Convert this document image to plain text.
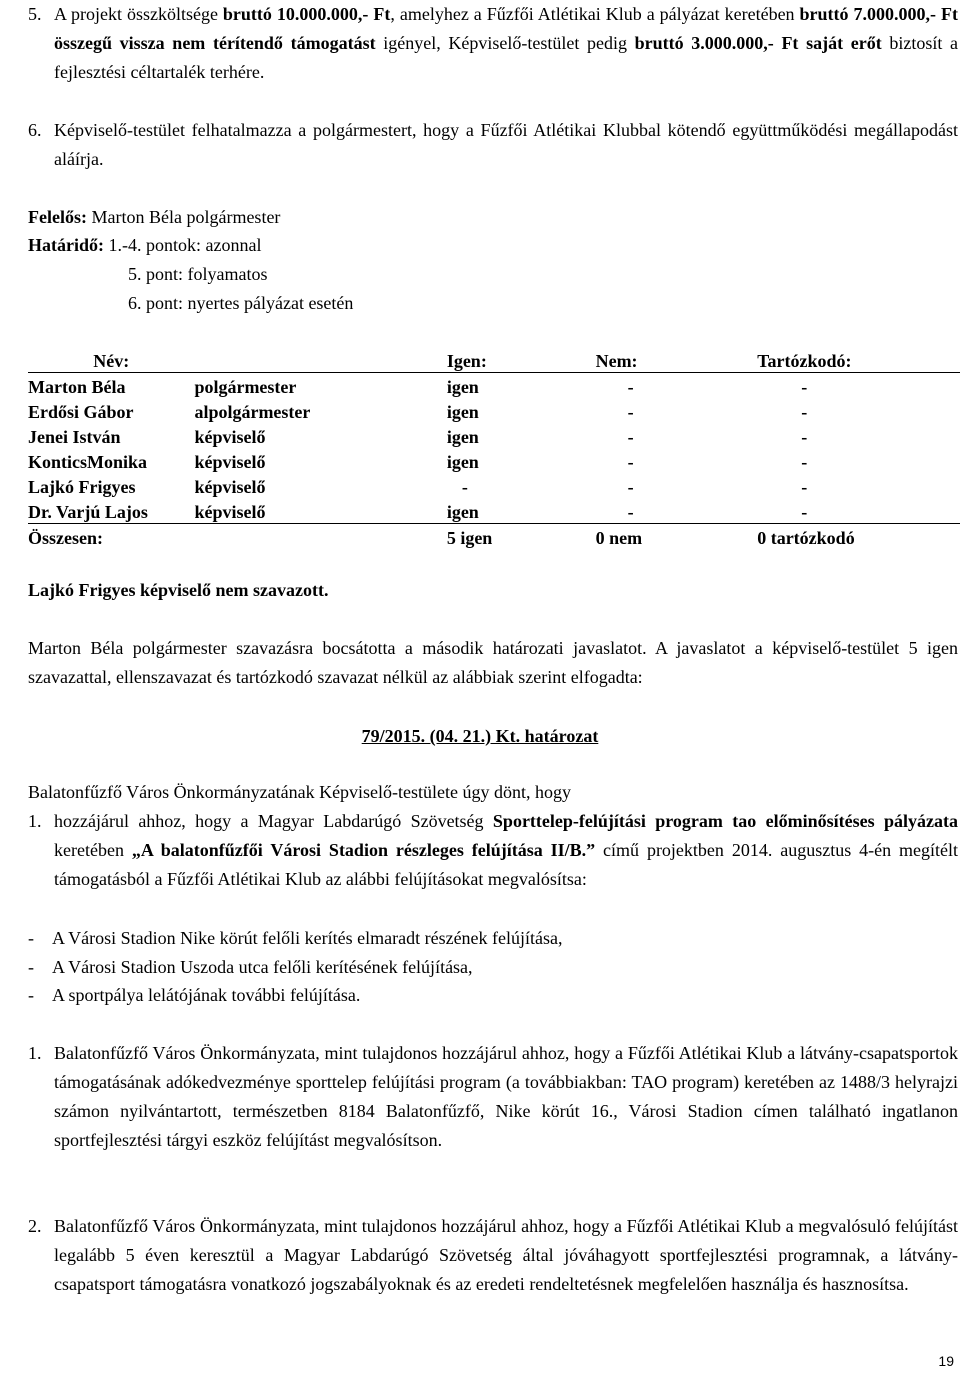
5. A projekt összköltsége bruttó 10.000.000,- Ft, amelyhez a Fűzfői Atlétikai Klub a pályázat keretében bruttó 7.000.000,- Ft összegű vissza nem térítendő támogatást igényel, Képviselő-testület pedig bruttó 3.000.000,- Ft saját erőt biztosít a fejlesztési céltartalék terhére.

6. Képviselő-testület felhatalmazza a polgármestert, hogy a Fűzfői Atlétikai Klubbal kötendő együttműködési megállapodást aláírja.

Felelős: Marton Béla polgármester
Határidő: 1.-4. pontok: azonnal
5. pont: folyamatos
6. pont: nyertes pályázat esetén
Név:		Igen:	Nem:	Tartózkodó:
Marton Béla	polgármester	igen	-	-
Erdősi Gábor	alpolgármester	igen	-	-
Jenei István	képviselő	igen	-	-
KonticsMonika	képviselő	igen	-	-
Lajkó Frigyes	képviselő	-	-	-
Dr. Varjú Lajos	képviselő	igen	-	-
Összesen:		5 igen	0 nem	0 tartózkodó
Lajkó Frigyes képviselő nem szavazott.

Marton Béla polgármester szavazásra bocsátotta a második határozati javaslatot. A javaslatot a képviselő-testület 5 igen szavazattal, ellenszavazat és tartózkodó szavazat nélkül az alábbiak szerint elfogadta:

79/2015. (04. 21.) Kt. határozat
Balatonfűzfő Város Önkormányzatának Képviselő-testülete úgy dönt, hogy
1. hozzájárul ahhoz, hogy a Magyar Labdarúgó Szövetség Sporttelep-felújítási program tao előminősítéses pályázata keretében „A balatonfűzfői Városi Stadion részleges felújítása II/B.” című projektben 2014. augusztus 4-én megítélt támogatásból a Fűzfői Atlétikai Klub az alábbi felújításokat megvalósítsa:

- A Városi Stadion Nike körút felőli kerítés elmaradt részének felújítása,
- A Városi Stadion Uszoda utca felőli kerítésének felújítása,
- A sportpálya lelátójának további felújítása.
1. Balatonfűzfő Város Önkormányzata, mint tulajdonos hozzájárul ahhoz, hogy a Fűzfői Atlétikai Klub a látvány-csapatsportok támogatásának adókedvezménye sporttelep felújítási program (a továbbiakban: TAO program) keretében az 1488/3 helyrajzi számon nyilvántartott, természetben 8184 Balatonfűzfő, Nike körút 16., Városi Stadion címen található ingatlanon sportfejlesztési tárgyi eszköz felújítást megvalósítson.

2. Balatonfűzfő Város Önkormányzata, mint tulajdonos hozzájárul ahhoz, hogy a Fűzfői Atlétikai Klub a megvalósuló felújítást legalább 5 éven keresztül a Magyar Labdarúgó Szövetség által jóváhagyott sportfejlesztési programnak, a látvány-csapatsport támogatásra vonatkozó jogszabályoknak és az eredeti rendeltetésnek megfelelően használja és hasznosítsa.

19
